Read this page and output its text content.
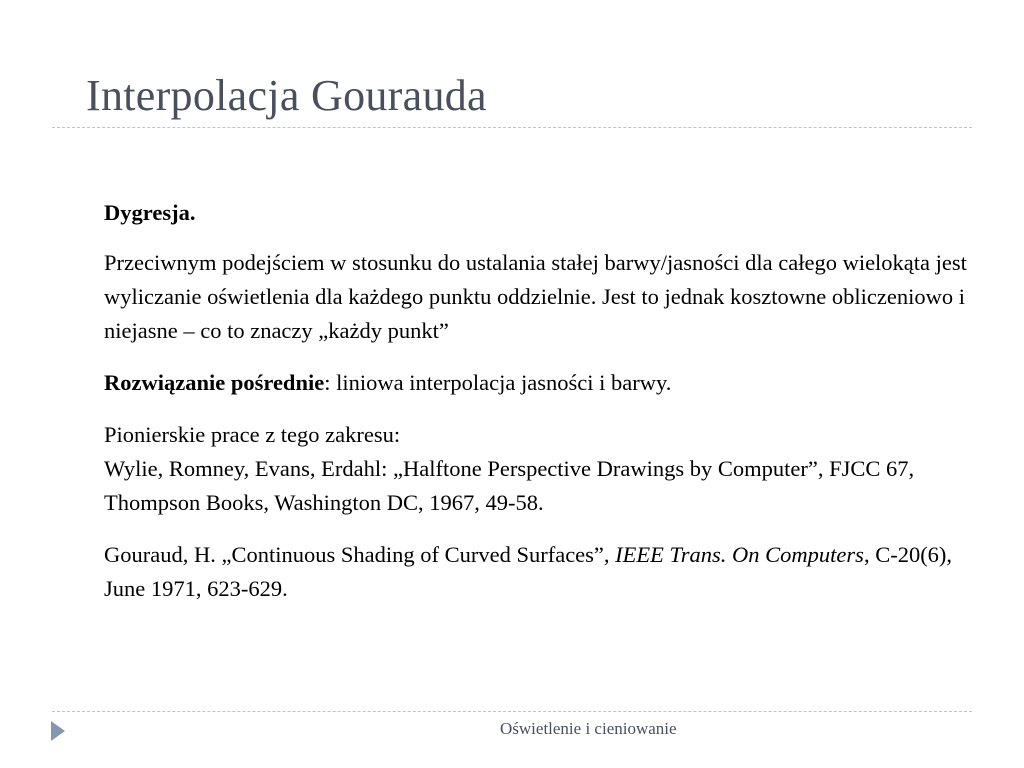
Interpolacja Gourauda

Dygresja.

Przeciwnym podejściem w stosunku do ustalania stałej barwy/jasności dla całego wielokąta jest wyliczanie oświetlenia dla każdego punktu oddzielnie. Jest to jednak kosztowne obliczeniowo i niejasne – co to znaczy „każdy punkt”

Rozwiązanie pośrednie: liniowa interpolacja jasności i barwy.

Pionierskie prace z tego zakresu:
Wylie, Romney, Evans, Erdahl: „Halftone Perspective Drawings by Computer”, FJCC 67, Thompson Books, Washington DC, 1967, 49-58.

Gouraud, H. „Continuous Shading of Curved Surfaces”, IEEE Trans. On Computers, C-20(6), June 1971, 623-629.

Oświetlenie i cieniowanie
